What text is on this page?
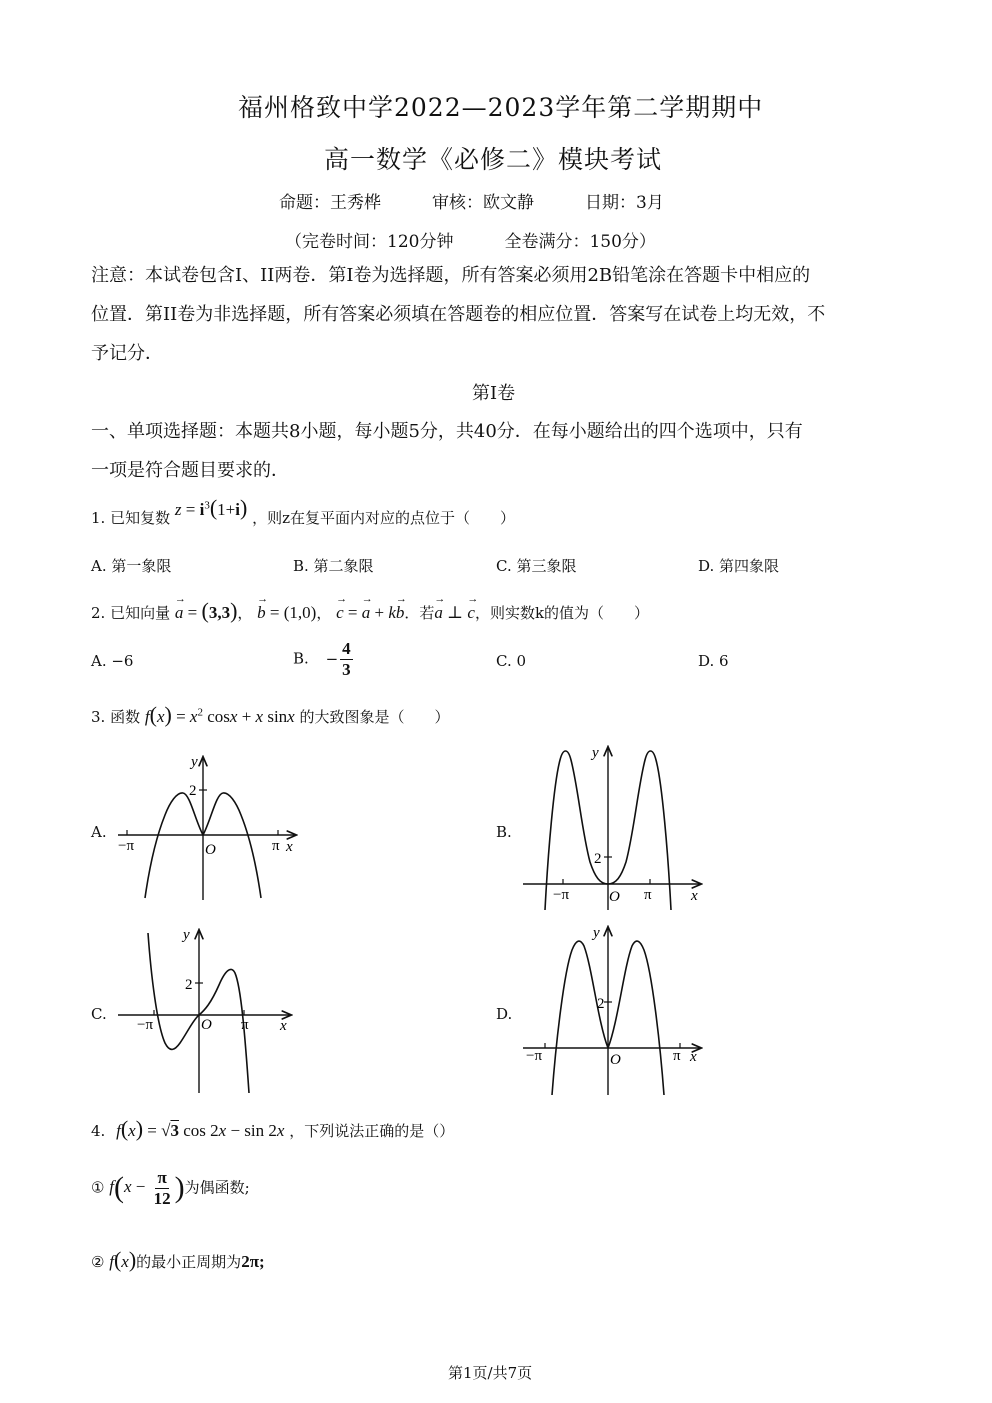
福州格致中学2022—2023学年第二学期期中
高一数学《必修二》模块考试
命题：王秀桦　　　审核：欧文静　　　日期：3月
（完卷时间：120分钟　　　全卷满分：150分）
注意：本试卷包含I、II两卷．第I卷为选择题，所有答案必须用2B铅笔涂在答题卡中相应的
位置．第II卷为非选择题，所有答案必须填在答题卷的相应位置．答案写在试卷上均无效，不
予记分．
第I卷
一、单项选择题：本题共8小题，每小题5分，共40分．在每小题给出的四个选项中，只有
一项是符合题目要求的．
1. 已知复数 $z = i^3(1+i)$ ，则z在复平面内对应的点位于（　　）
A. 第一象限	B. 第二象限	C. 第三象限	D. 第四象限
2. 已知向量 → a = (3,3)， → b = (1,0)， → c = → a + k→ b．若→ a ⊥ → c，则实数k的值为（　　）
A. −6	B. − $\frac{4}{3}$	C. 0	D. 6
3. 函数 $f(x) = x^2$ cosx + x sinx 的大致图象是（　　）
A.	B.
C.	D.
y
2
O
−π	π x
y
2
O
−π	π	x
y
2
O
−π	π x
y
2
O
−π	π x
4. f(x) = √3 cos 2x − sin 2x ，下列说法正确的是（）
① $f(x - \frac{\pi}{12}$ )为偶函数;
② f(x)的最小正周期为2π;
第1页/共7页
